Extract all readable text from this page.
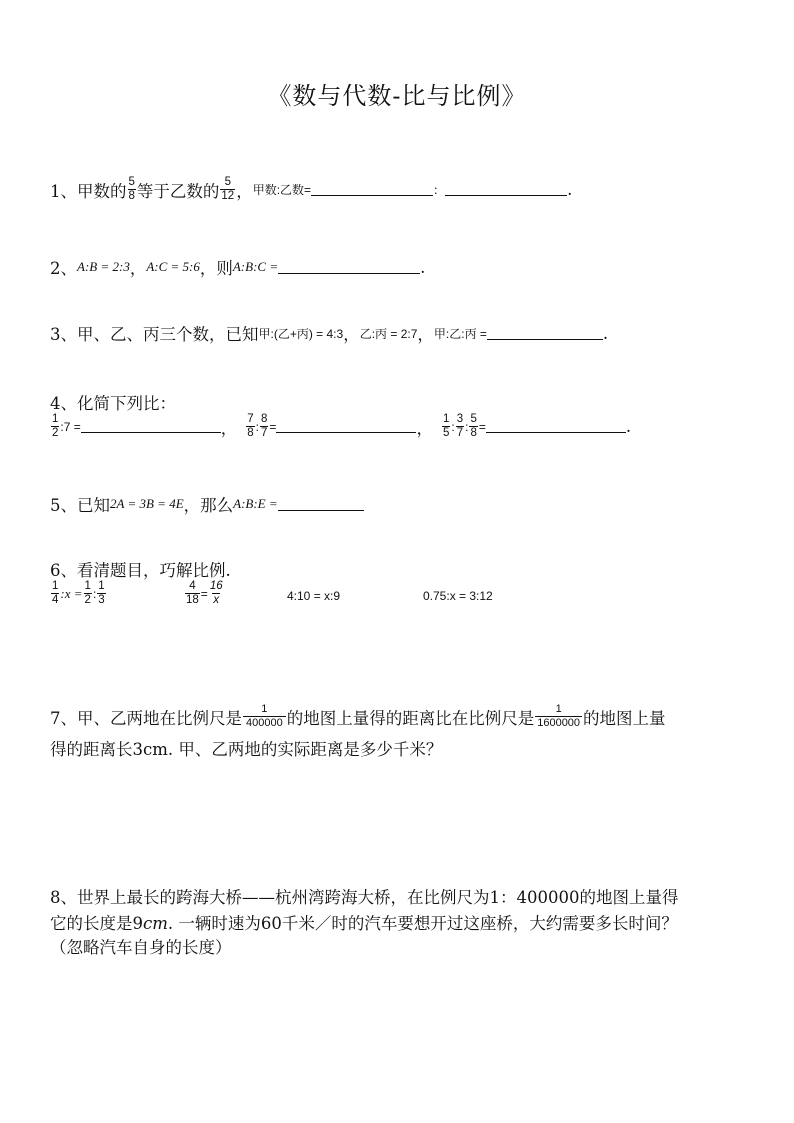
《数与代数-比与比例》
1、甲数的 $\frac{5}{8}$ 等于乙数的 $\frac{5}{12}$ ， 甲数:乙数=	：	.
2、 A:B = 2:3 ， A:C = 5:6 ，则 A:B:C =	.
3、甲、乙、丙三个数，已知 甲:(乙+丙) = 4:3 ， 乙:丙 = 2:7 ， 甲:乙:丙 =	.
4、化简下列比：
$\frac{1}{2}$ :7 =	， $\frac{7}{8}$ : $\frac{8}{7}$ =	， $\frac{1}{5}$ : $\frac{3}{7}$ : $\frac{5}{8}$ =	.
5、已知 2A = 3B = 4E ，那么 A:B:E =
6、看清题目，巧解比例.
$\frac{1}{4}$ :x = $\frac{1}{2}$ : $\frac{1}{3}$	$\frac{4}{18} = \frac{16}{x}$	4:10 = x:9	0.75:x = 3:12
7、甲、乙两地在比例尺是 $\frac{1}{400000}$ 的地图上量得的距离比在比例尺是 $\frac{1}{1600000}$ 的地图上量
得的距离长3cm. 甲、乙两地的实际距离是多少千米？
8、世界上最长的跨海大桥——杭州湾跨海大桥，在比例尺为1：400000的地图上量得
它的长度是9cm. 一辆时速为60千米／时的汽车要想开过这座桥，大约需要多长时间？
（忽略汽车自身的长度）
